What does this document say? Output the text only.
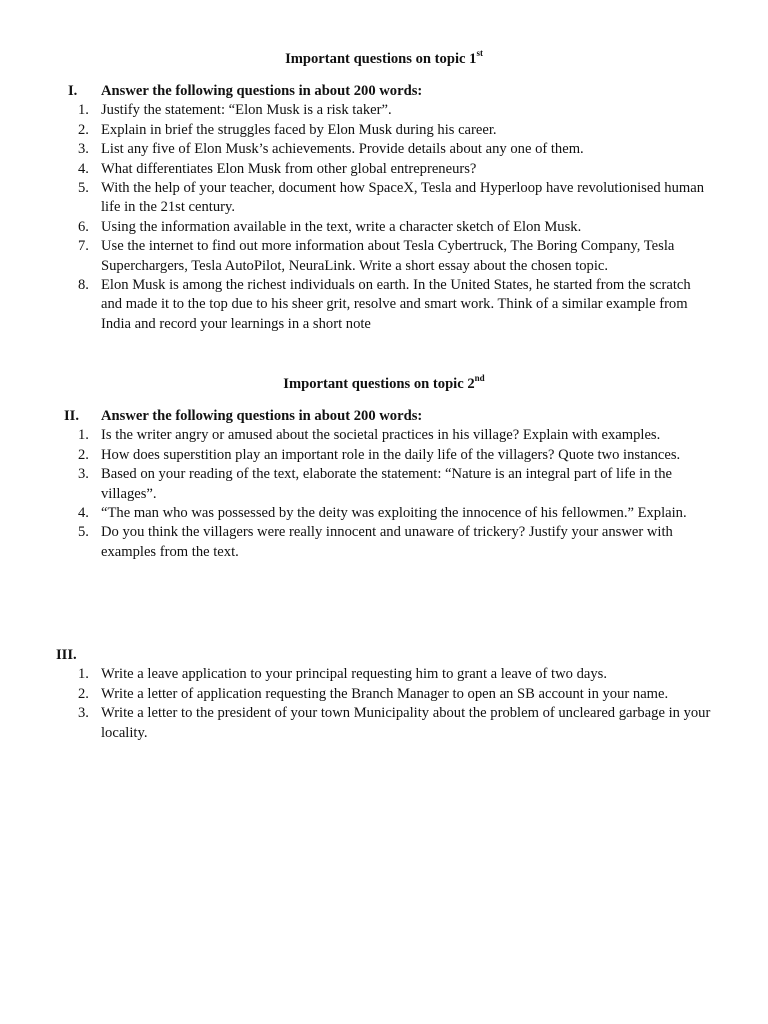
Important questions on topic 1st
I. Answer the following questions in about 200 words:
1. Justify the statement: “Elon Musk is a risk taker”.
2. Explain in brief the struggles faced by Elon Musk during his career.
3. List any five of Elon Musk’s achievements. Provide details about any one of them.
4. What differentiates Elon Musk from other global entrepreneurs?
5. With the help of your teacher, document how SpaceX, Tesla and Hyperloop have revolutionised human life in the 21st century.
6. Using the information available in the text, write a character sketch of Elon Musk.
7. Use the internet to find out more information about Tesla Cybertruck, The Boring Company, Tesla Superchargers, Tesla AutoPilot, NeuraLink. Write a short essay about the chosen topic.
8. Elon Musk is among the richest individuals on earth. In the United States, he started from the scratch and made it to the top due to his sheer grit, resolve and smart work. Think of a similar example from India and record your learnings in a short note
Important questions on topic 2nd
II. Answer the following questions in about 200 words:
1. Is the writer angry or amused about the societal practices in his village? Explain with examples.
2. How does superstition play an important role in the daily life of the villagers? Quote two instances.
3. Based on your reading of the text, elaborate the statement: “Nature is an integral part of life in the villages”.
4. “The man who was possessed by the deity was exploiting the innocence of his fellowmen.” Explain.
5. Do you think the villagers were really innocent and unaware of trickery? Justify your answer with examples from the text.
III.
1. Write a leave application to your principal requesting him to grant a leave of two days.
2. Write a letter of application requesting the Branch Manager to open an SB account in your name.
3. Write a letter to the president of your town Municipality about the problem of uncleared garbage in your locality.
